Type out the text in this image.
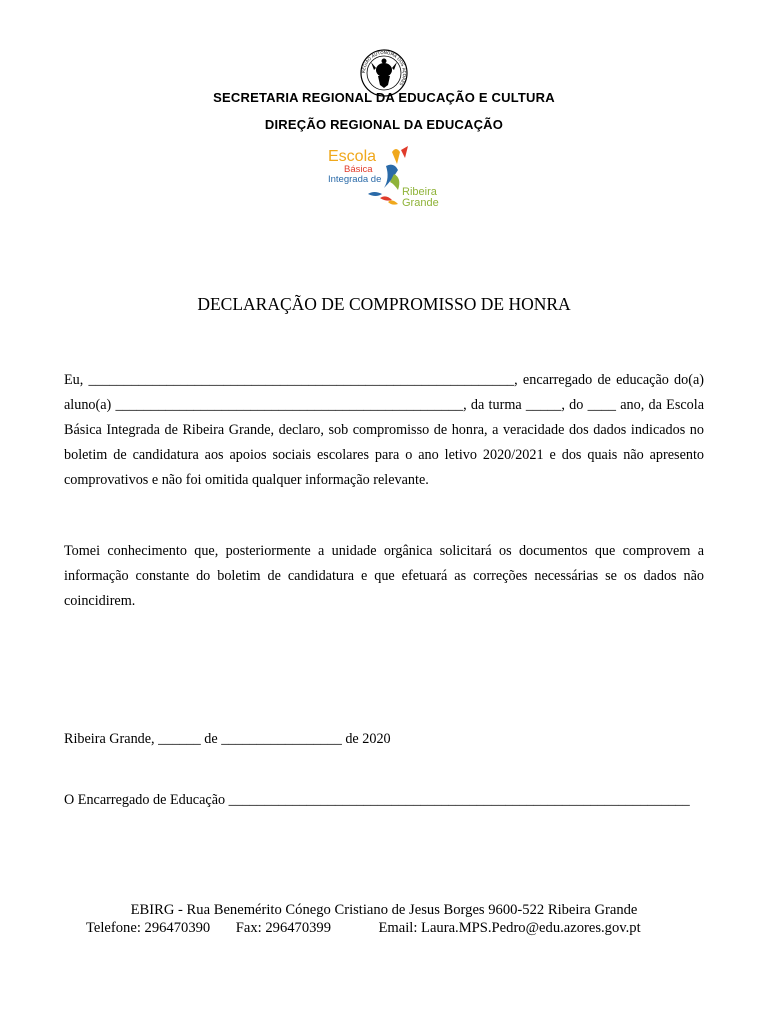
REGIÃO AUTÓNOMA DOS AÇORES
SECRETARIA REGIONAL DA EDUCAÇÃO E CULTURA
DIREÇÃO REGIONAL DA EDUCAÇÃO
Escola
Básica
Integrada de
Ribeira
Grande
DECLARAÇÃO DE COMPROMISSO DE HONRA
Eu, ____________________________________________________________, encarregado de educação do(a) aluno(a) _________________________________________________, da turma _____, do ____ ano, da Escola Básica Integrada de Ribeira Grande, declaro, sob compromisso de honra, a veracidade dos dados indicados no boletim de candidatura aos apoios sociais escolares para o ano letivo 2020/2021 e dos quais não apresento comprovativos e não foi omitida qualquer informação relevante.
Tomei conhecimento que, posteriormente a unidade orgânica solicitará os documentos que comprovem a informação constante do boletim de candidatura e que efetuará as correções necessárias se os dados não coincidirem.
Ribeira Grande, ______ de _________________ de 2020
O Encarregado de Educação _________________________________________________________________
EBIRG - Rua Benemérito Cónego Cristiano de Jesus Borges 9600-522 Ribeira Grande
Telefone: 296470390 Fax: 296470399	Email: Laura.MPS.Pedro@edu.azores.gov.pt
